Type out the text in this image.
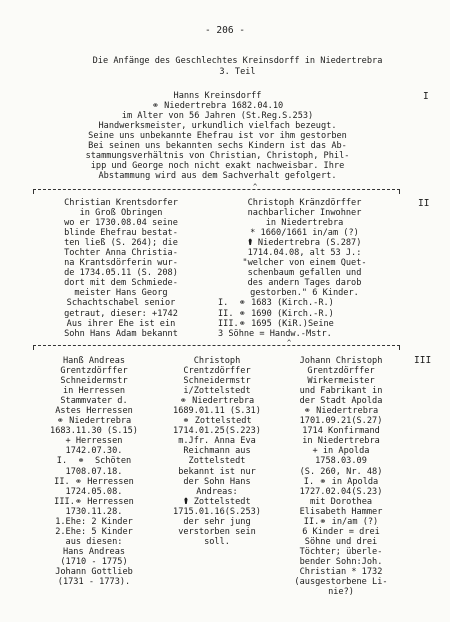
- 206 -
Die Anfänge des Geschlechtes Kreinsdorff in Niedertrebra
3. Teil
I
II
III

Hanns Kreinsdorff

⚭ Niedertrebra 1682.04.10

im Alter von 56 Jahren (St.Reg.S.253)

Handwerksmeister, urkundlich vielfach bezeugt.

Seine uns unbekannte Ehefrau ist vor ihm gestorben

Bei seinen uns bekannten sechs Kindern ist das Ab-

stammungsverhältnis von Christian, Christoph, Phil-

ipp und George noch nicht exakt nachweisbar. Ihre

Abstammung wird aus dem Sachverhalt gefolgert.

^

Christian Krentsdorfer

in Groß Obringen

wo er 1730.08.04 seine

blinde Ehefrau bestat-

ten ließ (S. 264); die

Tochter Anna Christia-

na Krantsdörferin wur-

de 1734.05.11 (S. 208)

dort mit dem Schmiede-

meister Hans Georg

Schachtschabel senior

getraut, dieser: +1742

Aus ihrer Ehe ist ein

Sohn Hans Adam bekannt

Christoph Kränzdörffer

nachbarlicher Inwohner

in Niedertrebra

* 1660/1661 in/am (?)

⚰ Niedertrebra (S.287)

1714.04.08, alt 53 J.:

"welcher von einem Quet-

schenbaum gefallen und

des andern Tages darob

gestorben." 6 Kinder.

I.  ⚭ 1683 (Kirch.-R.)

II. ⚭ 1690 (Kirch.-R.)

III.⚭ 1695 (KiR.)Seine

3 Söhne = Handw.-Mstr.

^

Hanß Andreas

Grentzdörffer

Schneidermstr

in Herressen

Stammvater d.

Astes Herressen

⚭ Niedertrebra

1683.11.30 (S.15)

+ Herressen

1742.07.30.

I.  ⚭  Schöten

1708.07.18.

II. ⚭ Herressen

1724.05.08.

III.⚭ Herressen

1730.11.28.

1.Ehe: 2 Kinder

2.Ehe: 5 Kinder

aus diesen:

Hans Andreas

(1710 - 1775)

Johann Gottlieb

(1731 - 1773).

Christoph

Crentzdörffer

Schneidermstr

i/Zottelstedt

⚭ Niedertrebra

1689.01.11 (S.31)

⚭ Zottelstedt

1714.01.25(S.223)

m.Jfr. Anna Eva

Reichmann aus

Zottelstedt

bekannt ist nur

der Sohn Hans

Andreas:

⚰ Zottelstedt

1715.01.16(S.253)

der sehr jung

verstorben sein

soll.

Johann Christoph

Grentzdörffer

Wirkermeister

und Fabrikant in

der Stadt Apolda

⚭ Niedertrebra

1701.09.21(S.27)

1714 Konfirmand

in Niedertrebra

+ in Apolda

1758.03.09

(S. 260, Nr. 48)

I. ⚭ in Apolda

1727.02.04(S.23)

mit Dorothea

Elisabeth Hammer

II.⚭ in/am (?)

6 Kinder = drei

Söhne und drei

Töchter; überle-

bender Sohn:Joh.

Christian * 1732

(ausgestorbene Li-

nie?)
